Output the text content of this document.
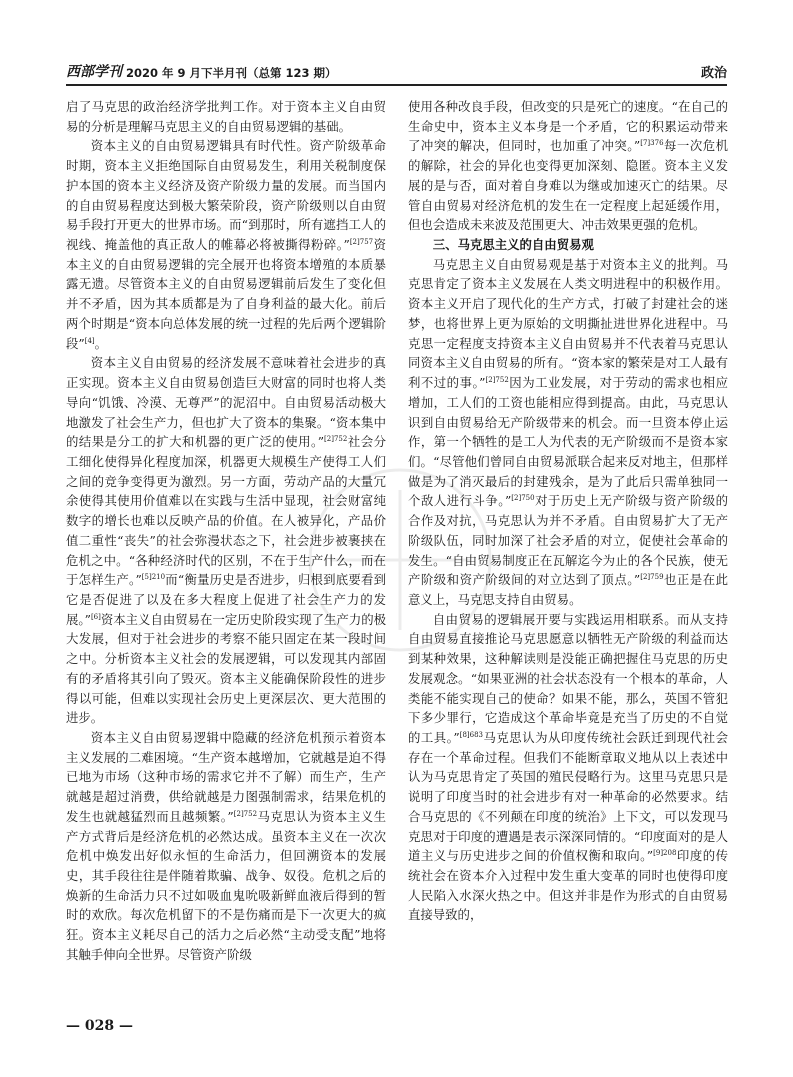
西部学刊 2020 年 9 月下半月刊（总第 123 期）	政治

启了马克思的政治经济学批判工作。对于资本主义自由贸易的分析是理解马克思主义的自由贸易逻辑的基础。

资本主义的自由贸易逻辑具有时代性。资产阶级革命时期，资本主义拒绝国际自由贸易发生，利用关税制度保护本国的资本主义经济及资产阶级力量的发展。而当国内的自由贸易程度达到极大繁荣阶段，资产阶级则以自由贸易手段打开更大的世界市场。而“到那时，所有遮挡工人的视线、掩盖他的真正敌人的帷幕必将被撕得粉碎。”$^{[2]757}$资本主义的自由贸易逻辑的完全展开也将资本增殖的本质暴露无遗。尽管资本主义的自由贸易逻辑前后发生了变化但并不矛盾，因为其本质都是为了自身利益的最大化。前后两个时期是“资本向总体发展的统一过程的先后两个逻辑阶段”[4]。

资本主义自由贸易的经济发展不意味着社会进步的真正实现。资本主义自由贸易创造巨大财富的同时也将人类导向“饥饿、冷漠、无尊严”的泥沼中。自由贸易活动极大地激发了社会生产力，但也扩大了资本的集聚。“资本集中的结果是分工的扩大和机器的更广泛的使用。”$^{[2]752}$社会分工细化使得异化程度加深，机器更大规模生产使得工人们之间的竞争变得更为激烈。另一方面，劳动产品的大量冗余使得其使用价值难以在实践与生活中显现，社会财富纯数字的增长也难以反映产品的价值。在人被异化，产品价值二重性“丧失”的社会弥漫状态之下，社会进步被裹挟在危机之中。“各种经济时代的区别，不在于生产什么，而在于怎样生产。”$^{[5]210}$而“衡量历史是否进步，归根到底要看到它是否促进了以及在多大程度上促进了社会生产力的发展。”[6]资本主义自由贸易在一定历史阶段实现了生产力的极大发展，但对于社会进步的考察不能只固定在某一段时间之中。分析资本主义社会的发展逻辑，可以发现其内部固有的矛盾将其引向了毁灭。资本主义能确保阶段性的进步得以可能，但难以实现社会历史上更深层次、更大范围的进步。

资本主义自由贸易逻辑中隐藏的经济危机预示着资本主义发展的二难困境。“生产资本越增加，它就越是迫不得已地为市场（这种市场的需求它并不了解）而生产，生产就越是超过消费，供给就越是力图强制需求，结果危机的发生也就越猛烈而且越频繁。”$^{[2]752}$马克思认为资本主义生产方式背后是经济危机的必然达成。虽资本主义在一次次危机中焕发出好似永恒的生命活力，但回溯资本的发展史，其手段往往是伴随着欺骗、战争、奴役。危机之后的焕新的生命活力只不过如吸血鬼吮吸新鲜血液后得到的暂时的欢欣。每次危机留下的不是伤痛而是下一次更大的疯狂。资本主义耗尽自己的活力之后必然“主动受支配”地将其触手伸向全世界。尽管资产阶级

使用各种改良手段，但改变的只是死亡的速度。“在自己的生命史中，资本主义本身是一个矛盾，它的积累运动带来了冲突的解决，但同时，也加重了冲突。”$^{[7]376}$每一次危机的解除，社会的异化也变得更加深刻、隐匿。资本主义发展的是与否，面对着自身难以为继或加速灭亡的结果。尽管自由贸易对经济危机的发生在一定程度上起延缓作用，但也会造成未来波及范围更大、冲击效果更强的危机。

三、马克思主义的自由贸易观

马克思主义自由贸易观是基于对资本主义的批判。马克思肯定了资本主义发展在人类文明进程中的积极作用。资本主义开启了现代化的生产方式，打破了封建社会的迷梦，也将世界上更为原始的文明撕扯进世界化进程中。马克思一定程度支持资本主义自由贸易并不代表着马克思认同资本主义自由贸易的所有。“资本家的繁荣是对工人最有利不过的事。”$^{[2]752}$因为工业发展，对于劳动的需求也相应增加，工人们的工资也能相应得到提高。由此，马克思认识到自由贸易给无产阶级带来的机会。而一旦资本停止运作，第一个牺牲的是工人为代表的无产阶级而不是资本家们。“尽管他们曾同自由贸易派联合起来反对地主，但那样做是为了消灭最后的封建残余，是为了此后只需单独同一个敌人进行斗争。”$^{[2]750}$对于历史上无产阶级与资产阶级的合作及对抗，马克思认为并不矛盾。自由贸易扩大了无产阶级队伍，同时加深了社会矛盾的对立，促使社会革命的发生。“自由贸易制度正在瓦解迄今为止的各个民族，使无产阶级和资产阶级间的对立达到了顶点。”$^{[2]759}$也正是在此意义上，马克思支持自由贸易。

自由贸易的逻辑展开要与实践运用相联系。而从支持自由贸易直接推论马克思愿意以牺牲无产阶级的利益而达到某种效果，这种解读则是没能正确把握住马克思的历史发展观念。“如果亚洲的社会状态没有一个根本的革命，人类能不能实现自己的使命？如果不能，那么，英国不管犯下多少罪行，它造成这个革命毕竟是充当了历史的不自觉的工具。”$^{[8]683}$马克思认为从印度传统社会跃迁到现代社会存在一个革命过程。但我们不能断章取义地从以上表述中认为马克思肯定了英国的殖民侵略行为。这里马克思只是说明了印度当时的社会进步有对一种革命的必然要求。结合马克思的《不列颠在印度的统治》上下文，可以发现马克思对于印度的遭遇是表示深深同情的。“印度面对的是人道主义与历史进步之间的价值权衡和取向。”$^{[9]208}$印度的传统社会在资本介入过程中发生重大变革的同时也使得印度人民陷入水深火热之中。但这并非是作为形式的自由贸易直接导致的，

— 028 —
